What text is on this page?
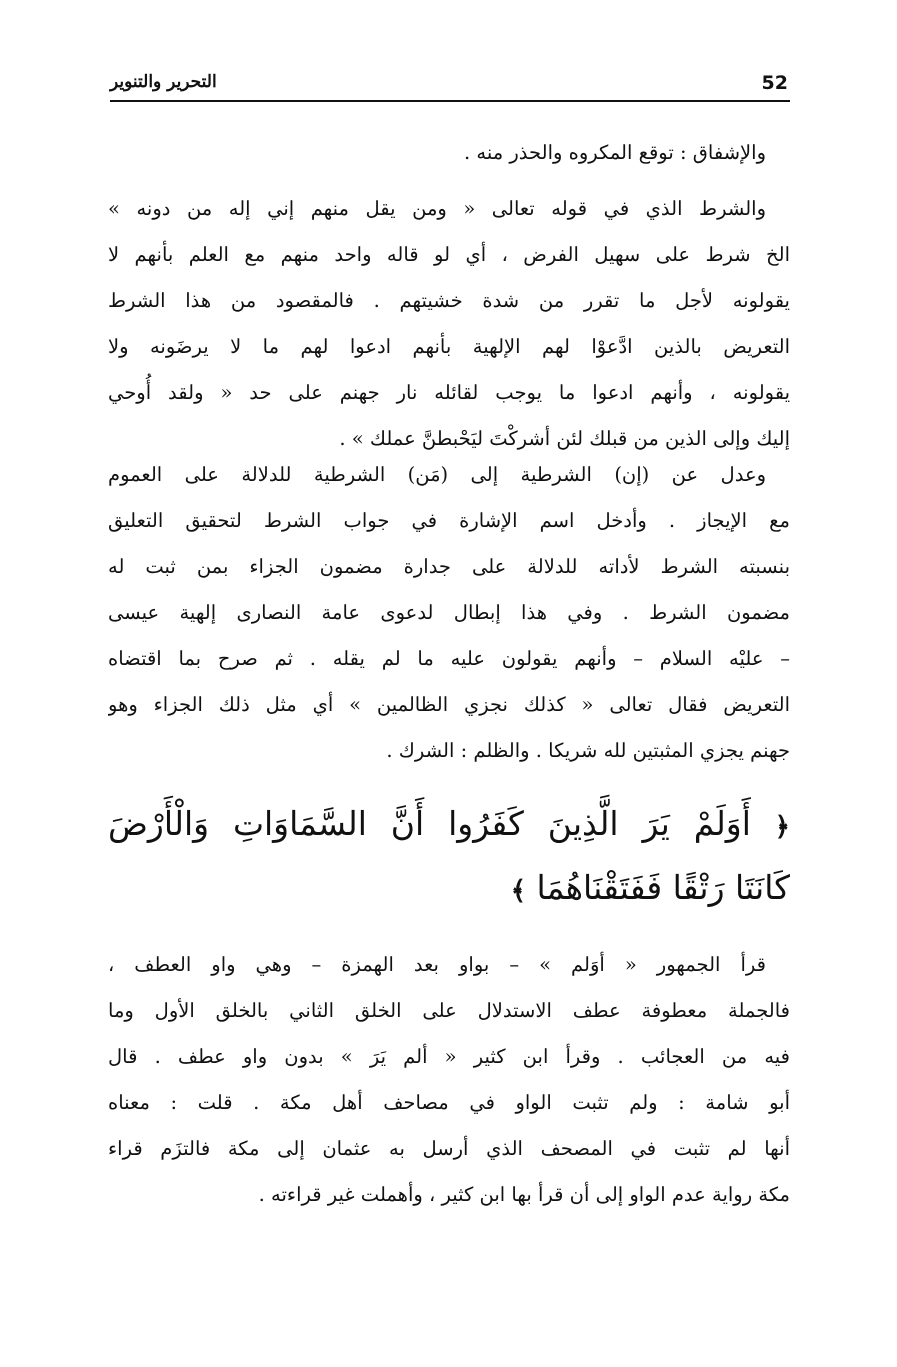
52
التحرير والتنوير
والإشفاق : توقع المكروه والحذر منه .
والشرط الذي في قوله تعالى « ومن يقل منهم إني إله من دونه »
الخ شرط على سهيل الفرض ، أي لو قاله واحد منهم مع العلم بأنهم لا
يقولونه لأجل ما تقرر من شدة خشيتهم . فالمقصود من هذا الشرط
التعريض بالذين ادَّعوْا لهم الإلهية بأنهم ادعوا لهم ما لا يرضَونه ولا
يقولونه ، وأنهم ادعوا ما يوجب لقائله نار جهنم على حد « ولقد أُوحي
إليك وإلى الذين من قبلك لئن أشركْتَ ليَحْبطنَّ عملك » .
وعدل عن (إن) الشرطية إلى (مَن) الشرطية للدلالة على العموم
مع الإيجاز . وأدخل اسم الإشارة في جواب الشرط لتحقيق التعليق
بنسبته الشرط لأداته للدلالة على جدارة مضمون الجزاء بمن ثبت له
مضمون الشرط . وفي هذا إبطال لدعوى عامة النصارى إلهية عيسى
– عليْه السلام – وأنهم يقولون عليه ما لم يقله . ثم صرح بما اقتضاه
التعريض فقال تعالى « كذلك نجزي الظالمين » أي مثل ذلك الجزاء وهو
جهنم يجزي المثبتين لله شريكا . والظلم : الشرك .
﴿ أَوَلَمْ يَرَ الَّذِينَ كَفَرُوا أَنَّ السَّمَاوَاتِ وَالْأَرْضَ
كَانَتَا رَتْقًا فَفَتَقْنَاهُمَا ﴾
قرأ الجمهور « أوَلم » – بواو بعد الهمزة – وهي واو العطف ،
فالجملة معطوفة عطف الاستدلال على الخلق الثاني بالخلق الأول وما
فيه من العجائب . وقرأ ابن كثير « ألم يَرَ » بدون واو عطف . قال
أبو شامة : ولم تثبت الواو في مصاحف أهل مكة . قلت : معناه
أنها لم تثبت في المصحف الذي أرسل به عثمان إلى مكة فالتزَم قراء
مكة رواية عدم الواو إلى أن قرأ بها ابن كثير ، وأهملت غير قراءته .
